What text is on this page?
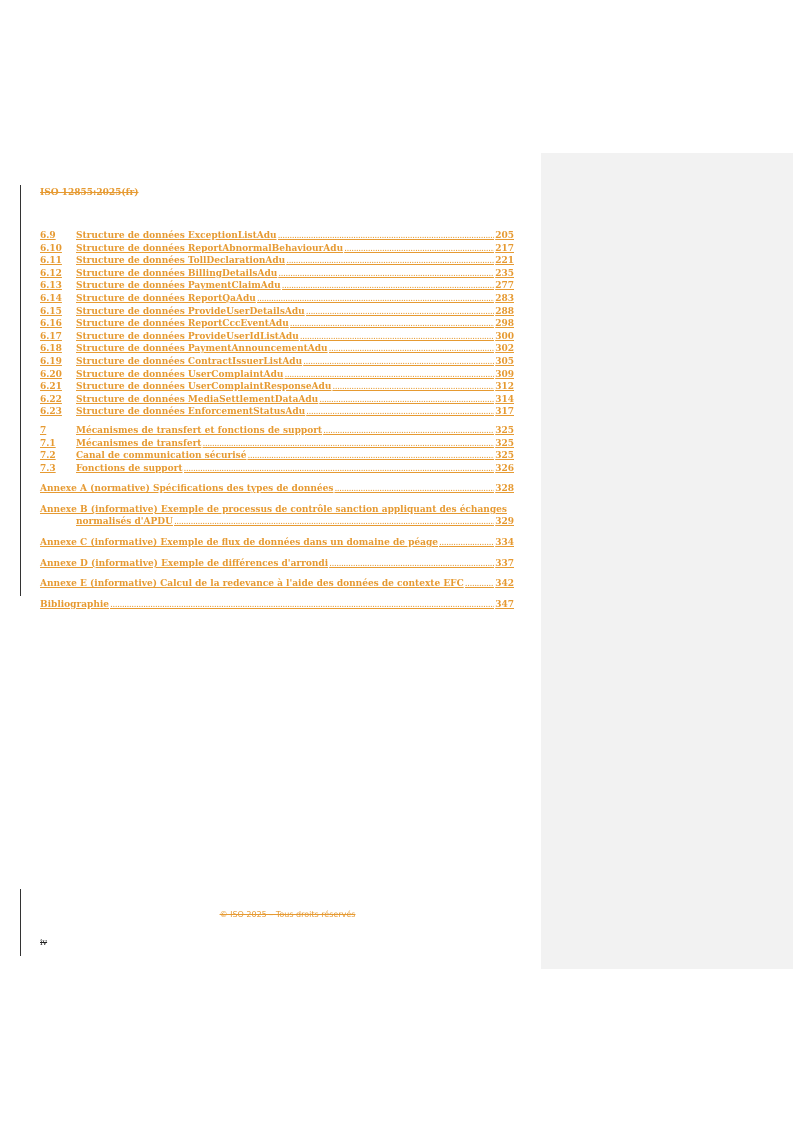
ISO 12855:2025(fr)
6.9	Structure de données ExceptionListAdu .....	205
6.10	Structure de données ReportAbnormalBehaviourAdu .....	217
6.11	Structure de données TollDeclarationAdu .....	221
6.12	Structure de données BillingDetailsAdu .....	235
6.13	Structure de données PaymentClaimAdu .....	277
6.14	Structure de données ReportQaAdu .....	283
6.15	Structure de données ProvideUserDetailsAdu .....	288
6.16	Structure de données ReportCccEventAdu .....	298
6.17	Structure de données ProvideUserIdListAdu .....	300
6.18	Structure de données PaymentAnnouncementAdu .....	302
6.19	Structure de données ContractIssuerListAdu .....	305
6.20	Structure de données UserComplaintAdu .....	309
6.21	Structure de données UserComplaintResponseAdu .....	312
6.22	Structure de données MediaSettlementDataAdu .....	314
6.23	Structure de données EnforcementStatusAdu .....	317
7	Mécanismes de transfert et fonctions de support .....	325
7.1	Mécanismes de transfert .....	325
7.2	Canal de communication sécurisé .....	325
7.3	Fonctions de support .....	326
Annexe A (normative) Spécifications des types de données .....	328
Annexe B (informative) Exemple de processus de contrôle sanction appliquant des échanges
normalisés d'APDU .....	329
Annexe C (informative) Exemple de flux de données dans un domaine de péage .....	334
Annexe D (informative) Exemple de différences d'arrondi .....	337
Annexe E (informative) Calcul de la redevance à l'aide des données de contexte EFC .....	342
Bibliographie .....	347
© ISO 2025 – Tous droits réservés
iv
